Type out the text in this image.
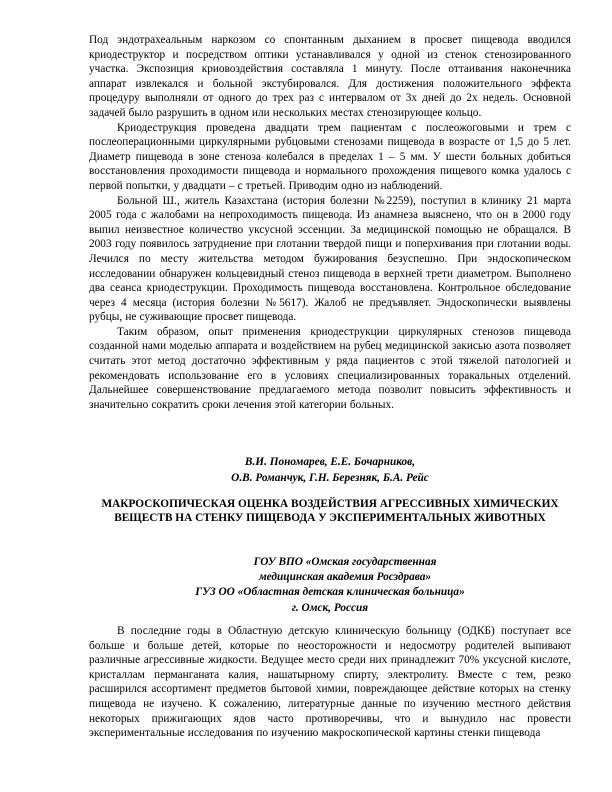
Под эндотрахеальным наркозом со спонтанным дыханием в просвет пищевода вводился криодеструктор и посредством оптики устанавливался у одной из стенок стенозированного участка. Экспозиция криовоздействия составляла 1 минуту. После оттаивания наконечника аппарат извлекался и больной экстубировался. Для достижения положительного эффекта процедуру выполняли от одного до трех раз с интервалом от 3х дней до 2х недель. Основной задачей было разрушить в одном или нескольких местах стенозирующее кольцо.

Криодеструкция проведена двадцати трем пациентам с послеожоговыми и трем с послеоперационными циркулярными рубцовыми стенозами пищевода в возрасте от 1,5 до 5 лет. Диаметр пищевода в зоне стеноза колебался в пределах 1 – 5 мм. У шести больных добиться восстановления проходимости пищевода и нормального прохождения пищевого комка удалось с первой попытки, у двадцати – с третьей. Приводим одно из наблюдений.

Больной Ш., житель Казахстана (история болезни №2259), поступил в клинику 21 марта 2005 года с жалобами на непроходимость пищевода. Из анамнеза выяснено, что он в 2000 году выпил неизвестное количество уксусной эссенции. За медицинской помощью не обращался. В 2003 году появилось затруднение при глотании твердой пищи и поперхивания при глотании воды. Лечился по месту жительства методом бужирования безуспешно. При эндоскопическом исследовании обнаружен кольцевидный стеноз пищевода в верхней трети диаметром. Выполнено два сеанса криодеструкции. Проходимость пищевода восстановлена. Контрольное обследование через 4 месяца (история болезни №5617). Жалоб не предъявляет. Эндоскопически выявлены рубцы, не суживающие просвет пищевода.

Таким образом, опыт применения криодеструкции циркулярных стенозов пищевода созданной нами моделью аппарата и воздействием на рубец медицинской закисью азота позволяет считать этот метод достаточно эффективным у ряда пациентов с этой тяжелой патологией и рекомендовать использование его в условиях специализированных торакальных отделений. Дальнейшее совершенствование предлагаемого метода позволит повысить эффективность и значительно сократить сроки лечения этой категории больных.

В.И. Пономарев, Е.Е. Бочарников,
О.В. Романчук, Г.Н. Березняк, Б.А. Рейс
МАКРОСКОПИЧЕСКАЯ ОЦЕНКА ВОЗДЕЙСТВИЯ АГРЕССИВНЫХ ХИМИЧЕСКИХ ВЕЩЕСТВ НА СТЕНКУ ПИЩЕВОДА У ЭКСПЕРИМЕНТАЛЬНЫХ ЖИВОТНЫХ
ГОУ ВПО «Омская государственная
медицинская академия Росздрава»
ГУЗ ОО «Областная детская клиническая больница»
г. Омск, Россия

В последние годы в Областную детскую клиническую больницу (ОДКБ) поступает все больше и больше детей, которые по неосторожности и недосмотру родителей выпивают различные агрессивные жидкости. Ведущее место среди них принадлежит 70% уксусной кислоте, кристаллам перманганата калия, нашатырному спирту, электролиту. Вместе с тем, резко расширился ассортимент предметов бытовой химии, повреждающее действие которых на стенку пищевода не изучено. К сожалению, литературные данные по изучению местного действия некоторых прижигающих ядов часто противоречивы, что и вынудило нас провести экспериментальные исследования по изучению макроскопической картины стенки пищевода
